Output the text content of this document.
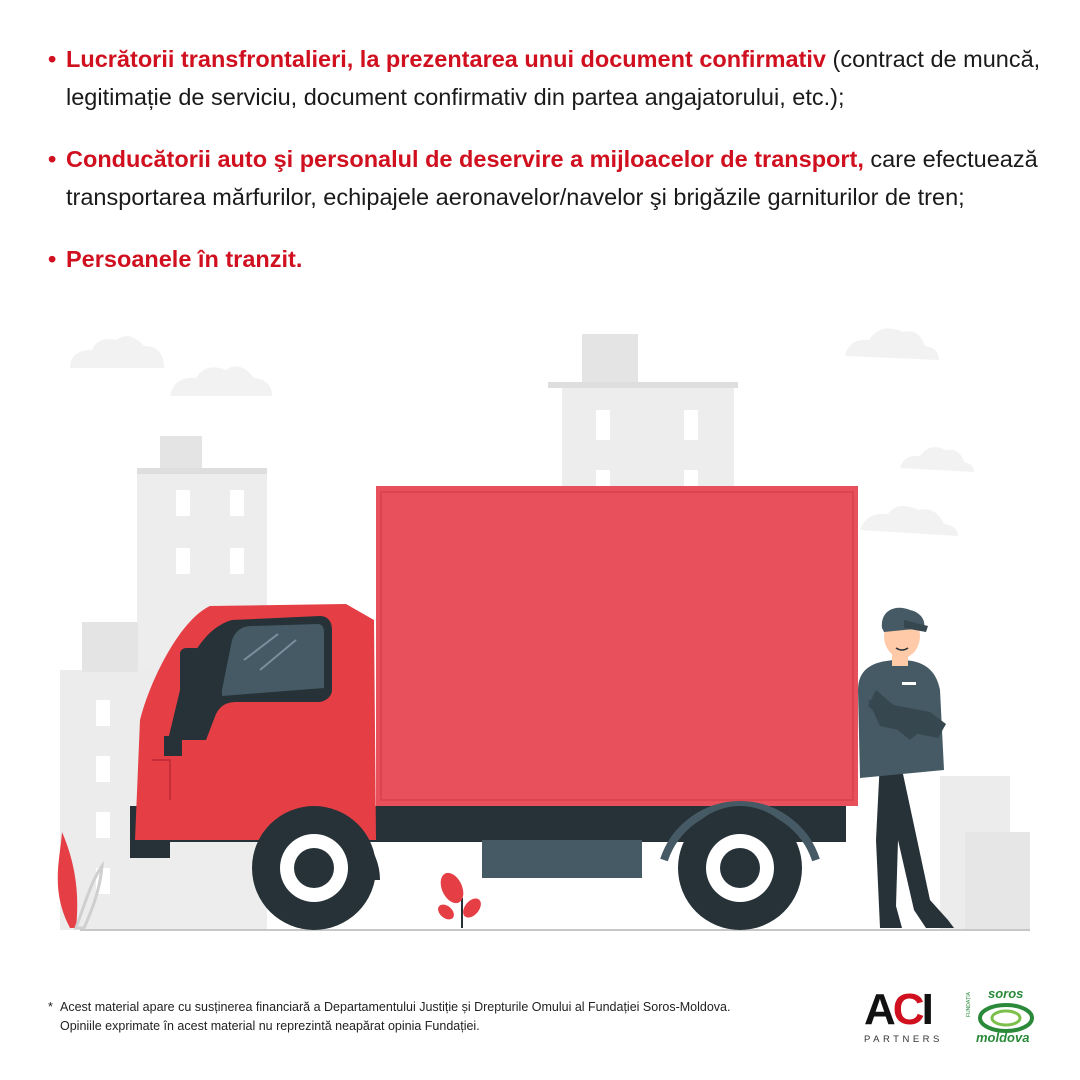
• Lucrătorii transfrontalieri, la prezentarea unui document confirmativ (contract de muncă, legitimație de serviciu, document confirmativ din partea angajatorului, etc.);
• Conducătorii auto şi personalul de deservire a mijloacelor de transport, care efectuează transportarea mărfurilor, echipajele aeronavelor/navelor şi brigăzile garniturilor de tren;
• Persoanele în tranzit.
* Acest material apare cu susținerea financiară a Departamentului Justiție și Drepturile Omului al Fundației Soros-Moldova. Opiniile exprimate în acest material nu reprezintă neapărat opinia Fundației.	ACI
PARTNERS
FUNDAȚIA soros
moldova
